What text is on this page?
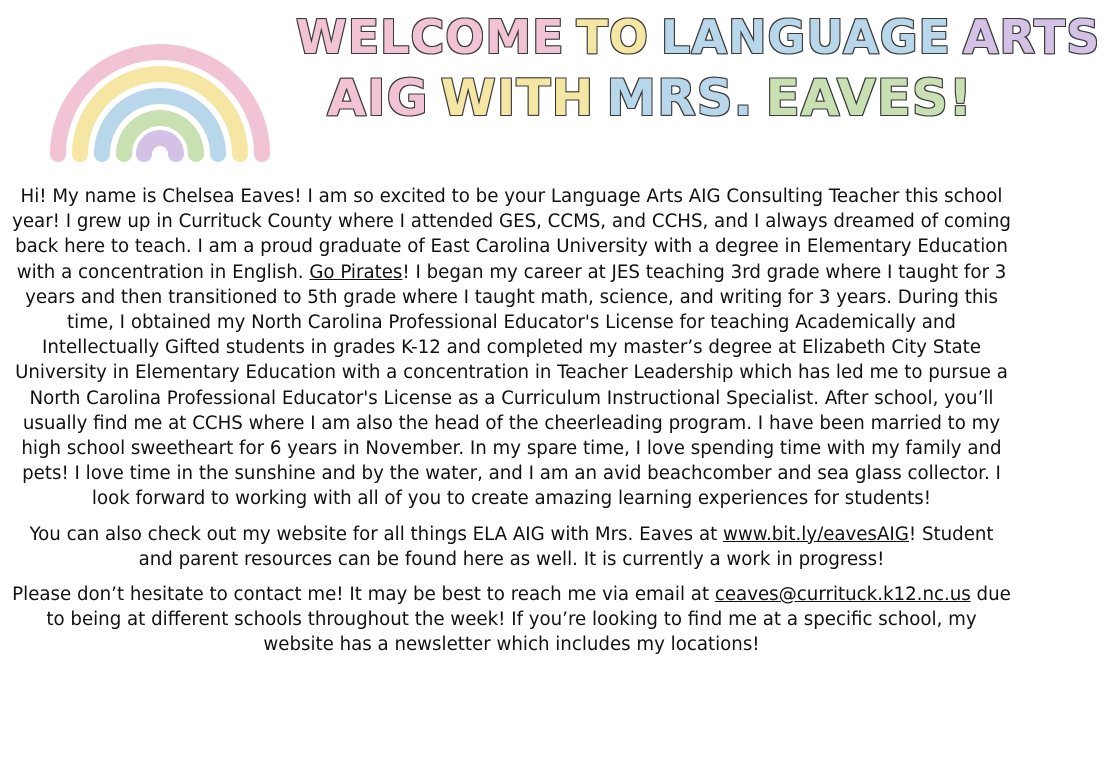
WELCOME TO LANGUAGE ARTS
AIG WITH MRS. EAVES!

Hi! My name is Chelsea Eaves! I am so excited to be your Language Arts AIG Consulting Teacher this school year! I grew up in Currituck County where I attended GES, CCMS, and CCHS, and I always dreamed of coming back here to teach. I am a proud graduate of East Carolina University with a degree in Elementary Education with a concentration in English. Go Pirates! I began my career at JES teaching 3rd grade where I taught for 3 years and then transitioned to 5th grade where I taught math, science, and writing for 3 years. During this time, I obtained my North Carolina Professional Educator's License for teaching Academically and Intellectually Gifted students in grades K-12 and completed my master’s degree at Elizabeth City State University in Elementary Education with a concentration in Teacher Leadership which has led me to pursue a North Carolina Professional Educator's License as a Curriculum Instructional Specialist. After school, you’ll usually find me at CCHS where I am also the head of the cheerleading program. I have been married to my high school sweetheart for 6 years in November. In my spare time, I love spending time with my family and pets! I love time in the sunshine and by the water, and I am an avid beachcomber and sea glass collector. I look forward to working with all of you to create amazing learning experiences for students!

You can also check out my website for all things ELA AIG with Mrs. Eaves at www.bit.ly/eavesAIG! Student and parent resources can be found here as well. It is currently a work in progress!

Please don’t hesitate to contact me! It may be best to reach me via email at ceaves@currituck.k12.nc.us due to being at different schools throughout the week! If you’re looking to find me at a specific school, my website has a newsletter which includes my locations!
